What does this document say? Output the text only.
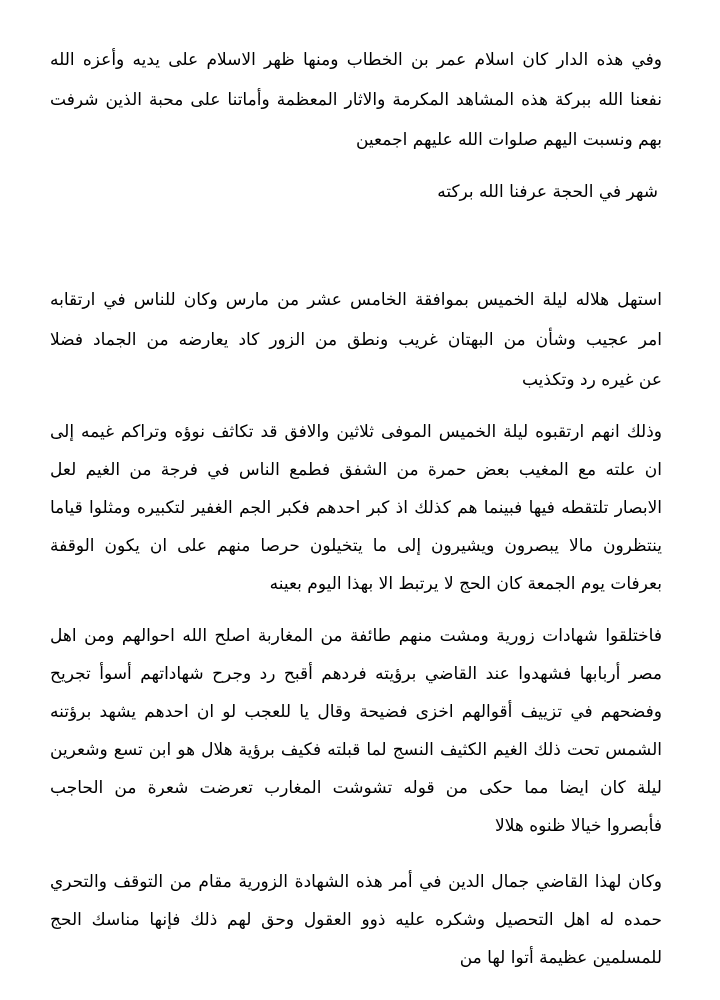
وفي هذه الدار كان اسلام عمر بن الخطاب ومنها ظهر الاسلام على يديه وأعزه الله
نفعنا الله ببركة هذه المشاهد المكرمة والاثار المعظمة وأماتنا على محبة الذين شرفت
بهم ونسبت اليهم صلوات الله عليهم اجمعين
شهر في الحجة عرفنا الله بركته
استهل هلاله ليلة الخميس بموافقة الخامس عشر من مارس وكان للناس في ارتقابه
امر عجيب وشأن من البهتان غريب ونطق من الزور كاد يعارضه من الجماد فضلا
عن غيره رد وتكذيب
وذلك انهم ارتقبوه ليلة الخميس الموفى ثلاثين والافق قد تكاثف نوؤه وتراكم غيمه إلى
ان علته مع المغيب بعض حمرة من الشفق فطمع الناس في فرجة من الغيم لعل
الابصار تلتقطه فيها فبينما هم كذلك اذ كبر احدهم فكبر الجم الغفير لتكبيره ومثلوا قياما
ينتظرون مالا يبصرون ويشيرون إلى ما يتخيلون حرصا منهم على ان يكون الوقفة
بعرفات يوم الجمعة كان الحج لا يرتبط الا بهذا اليوم بعينه
فاختلقوا شهادات زورية ومشت منهم طائفة من المغاربة اصلح الله احوالهم ومن اهل
مصر أربابها فشهدوا عند القاضي برؤيته فردهم أقبح رد وجرح شهاداتهم أسوأ تجريح
وفضحهم في تزييف أقوالهم اخزى فضيحة وقال يا للعجب لو ان احدهم يشهد برؤتنه
الشمس تحت ذلك الغيم الكثيف النسج لما قبلته فكيف برؤية هلال هو ابن تسع وشعرين
ليلة كان ايضا مما حكى من قوله تشوشت المغارب تعرضت شعرة من الحاجب
فأبصروا خيالا ظنوه هلالا
وكان لهذا القاضي جمال الدين في أمر هذه الشهادة الزورية مقام من التوقف والتحري
حمده له اهل التحصيل وشكره عليه ذوو العقول وحق لهم ذلك فإنها مناسك الحج
للمسلمين عظيمة أتوا لها من
